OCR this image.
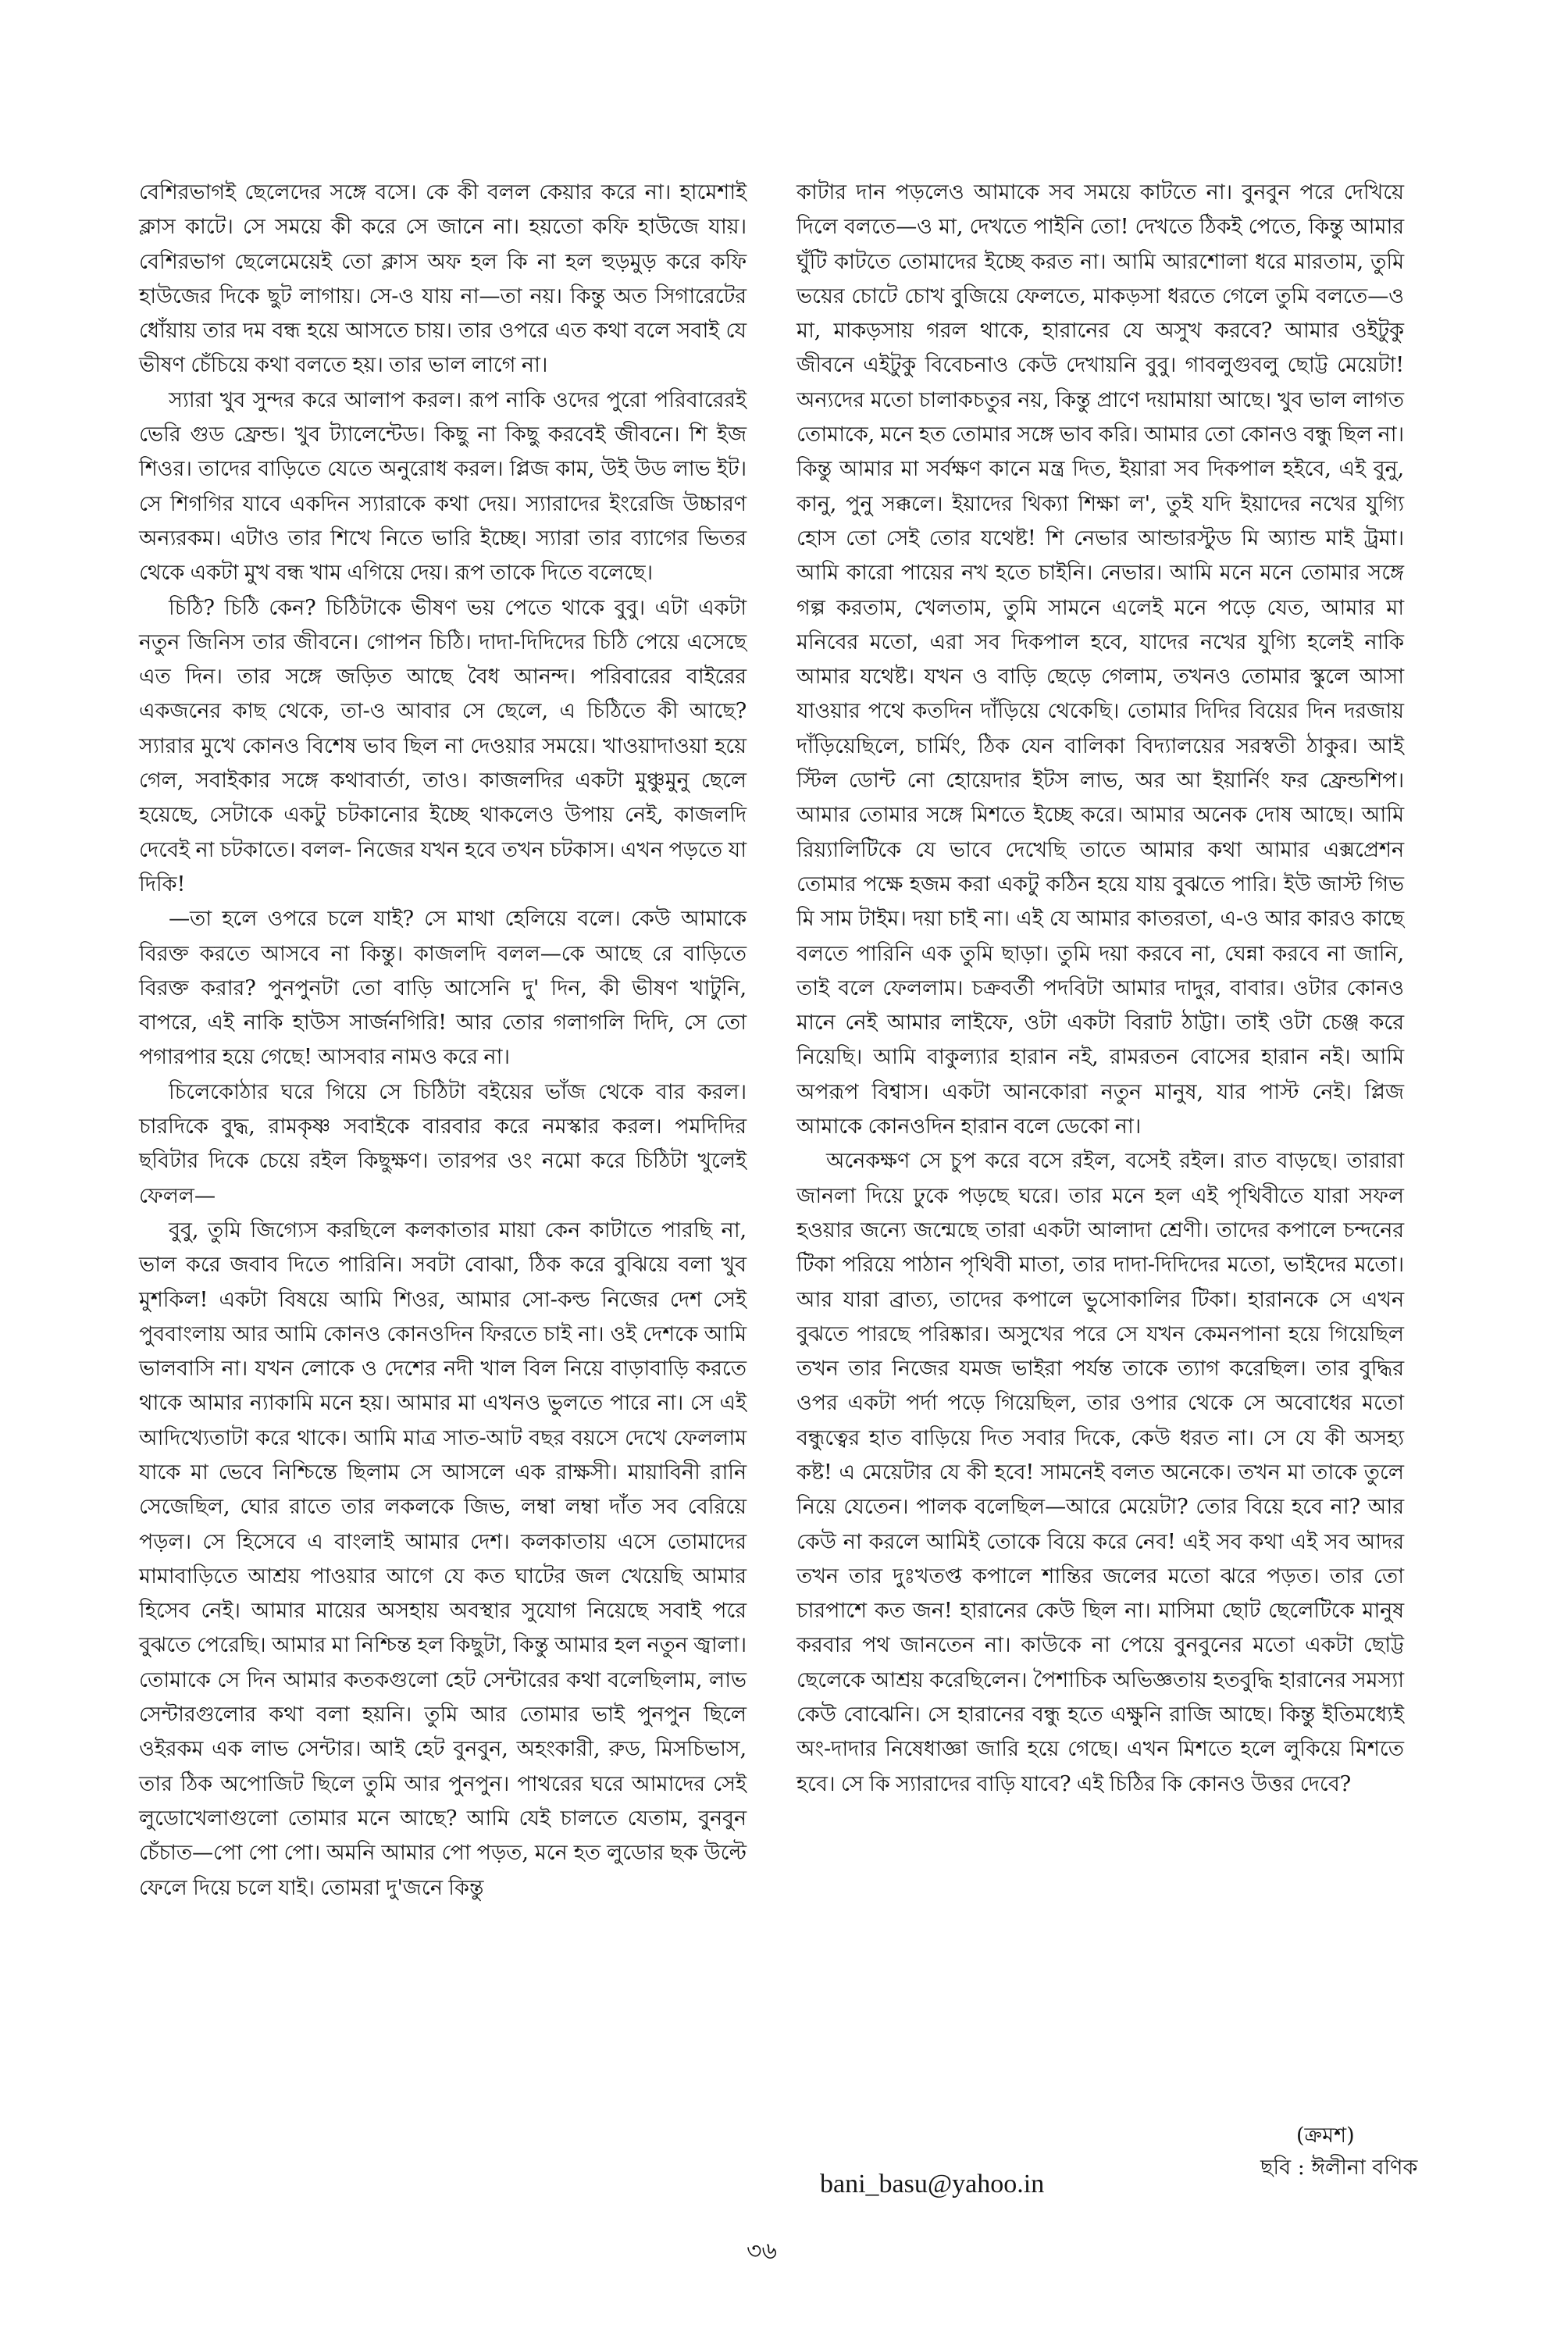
বেশিরভাগই ছেলেদের সঙ্গে বসে। কে কী বলল কেয়ার করে না। হামেশাই ক্লাস কাটে। সে সময়ে কী করে সে জানে না। হয়তো কফি হাউজে যায়। বেশিরভাগ ছেলেমেয়েই তো ক্লাস অফ হল কি না হল হুড়মুড় করে কফি হাউজের দিকে ছুট লাগায়। সে-ও যায় না—তা নয়। কিন্তু অত সিগারেটের ধোঁয়ায় তার দম বন্ধ হয়ে আসতে চায়। তার ওপরে এত কথা বলে সবাই যে ভীষণ চেঁচিয়ে কথা বলতে হয়। তার ভাল লাগে না।

স্যারা খুব সুন্দর করে আলাপ করল। রূপ নাকি ওদের পুরো পরিবারেরই ভেরি গুড ফ্রেন্ড। খুব ট্যালেন্টেড। কিছু না কিছু করবেই জীবনে। শি ইজ শিওর। তাদের বাড়িতে যেতে অনুরোধ করল। প্লিজ কাম, উই উড লাভ ইট। সে শিগগির যাবে একদিন স্যারাকে কথা দেয়। স্যারাদের ইংরেজি উচ্চারণ অন্যরকম। এটাও তার শিখে নিতে ভারি ইচ্ছে। স্যারা তার ব্যাগের ভিতর থেকে একটা মুখ বন্ধ খাম এগিয়ে দেয়। রূপ তাকে দিতে বলেছে।

চিঠি? চিঠি কেন? চিঠিটাকে ভীষণ ভয় পেতে থাকে বুবু। এটা একটা নতুন জিনিস তার জীবনে। গোপন চিঠি। দাদা-দিদিদের চিঠি পেয়ে এসেছে এত দিন। তার সঙ্গে জড়িত আছে বৈধ আনন্দ। পরিবারের বাইরের একজনের কাছ থেকে, তা-ও আবার সে ছেলে, এ চিঠিতে কী আছে? স্যারার মুখে কোনও বিশেষ ভাব ছিল না দেওয়ার সময়ে। খাওয়াদাওয়া হয়ে গেল, সবাইকার সঙ্গে কথাবার্তা, তাও। কাজলদির একটা মুঞ্চুমুনু ছেলে হয়েছে, সেটাকে একটু চটকানোর ইচ্ছে থাকলেও উপায় নেই, কাজলদি দেবেই না চটকাতে। বলল- নিজের যখন হবে তখন চটকাস। এখন পড়তে যা দিকি!

—তা হলে ওপরে চলে যাই? সে মাথা হেলিয়ে বলে। কেউ আমাকে বিরক্ত করতে আসবে না কিন্তু। কাজলদি বলল—কে আছে রে বাড়িতে বিরক্ত করার? পুনপুনটা তো বাড়ি আসেনি দু' দিন, কী ভীষণ খাটুনি, বাপরে, এই নাকি হাউস সার্জনগিরি! আর তোর গলাগলি দিদি, সে তো পগারপার হয়ে গেছে! আসবার নামও করে না।

চিলেকোঠার ঘরে গিয়ে সে চিঠিটা বইয়ের ভাঁজ থেকে বার করল। চারদিকে বুদ্ধ, রামকৃষ্ণ সবাইকে বারবার করে নমস্কার করল। পমদিদির ছবিটার দিকে চেয়ে রইল কিছুক্ষণ। তারপর ওং নমো করে চিঠিটা খুলেই ফেলল—

বুবু, তুমি জিগ্যেস করছিলে কলকাতার মায়া কেন কাটাতে পারছি না, ভাল করে জবাব দিতে পারিনি। সবটা বোঝা, ঠিক করে বুঝিয়ে বলা খুব মুশকিল! একটা বিষয়ে আমি শিওর, আমার সো-কল্ড নিজের দেশ সেই পুববাংলায় আর আমি কোনও কোনওদিন ফিরতে চাই না। ওই দেশকে আমি ভালবাসি না। যখন লোকে ও দেশের নদী খাল বিল নিয়ে বাড়াবাড়ি করতে থাকে আমার ন্যাকামি মনে হয়। আমার মা এখনও ভুলতে পারে না। সে এই আদিখ্যেতাটা করে থাকে। আমি মাত্র সাত-আট বছর বয়সে দেখে ফেললাম যাকে মা ভেবে নিশ্চিন্তে ছিলাম সে আসলে এক রাক্ষসী। মায়াবিনী রানি সেজেছিল, ঘোর রাতে তার লকলকে জিভ, লম্বা লম্বা দাঁত সব বেরিয়ে পড়ল। সে হিসেবে এ বাংলাই আমার দেশ। কলকাতায় এসে তোমাদের মামাবাড়িতে আশ্রয় পাওয়ার আগে যে কত ঘাটের জল খেয়েছি আমার হিসেব নেই। আমার মায়ের অসহায় অবস্থার সুযোগ নিয়েছে সবাই পরে বুঝতে পেরেছি। আমার মা নিশ্চিন্ত হল কিছুটা, কিন্তু আমার হল নতুন জ্বালা। তোমাকে সে দিন আমার কতকগুলো হেট সেন্টারের কথা বলেছিলাম, লাভ সেন্টারগুলোর কথা বলা হয়নি। তুমি আর তোমার ভাই পুনপুন ছিলে ওইরকম এক লাভ সেন্টার। আই হেট বুনবুন, অহংকারী, রুড, মিসচিভাস, তার ঠিক অপোজিট ছিলে তুমি আর পুনপুন। পাথরের ঘরে আমাদের সেই লুডোখেলাগুলো তোমার মনে আছে? আমি যেই চালতে যেতাম, বুনবুন চেঁচাত—পো পো পো। অমনি আমার পো পড়ত, মনে হত লুডোর ছক উল্টে ফেলে দিয়ে চলে যাই। তোমরা দু'জনে কিন্তু

কাটার দান পড়লেও আমাকে সব সময়ে কাটতে না। বুনবুন পরে দেখিয়ে দিলে বলতে—ও মা, দেখতে পাইনি তো! দেখতে ঠিকই পেতে, কিন্তু আমার ঘুঁটি কাটতে তোমাদের ইচ্ছে করত না। আমি আরশোলা ধরে মারতাম, তুমি ভয়ের চোটে চোখ বুজিয়ে ফেলতে, মাকড়সা ধরতে গেলে তুমি বলতে—ও মা, মাকড়সায় গরল থাকে, হারানের যে অসুখ করবে? আমার ওইটুকু জীবনে এইটুকু বিবেচনাও কেউ দেখায়নি বুবু। গাবলুগুবলু ছোট্ট মেয়েটা! অন্যদের মতো চালাকচতুর নয়, কিন্তু প্রাণে দয়ামায়া আছে। খুব ভাল লাগত তোমাকে, মনে হত তোমার সঙ্গে ভাব করি। আমার তো কোনও বন্ধু ছিল না। কিন্তু আমার মা সর্বক্ষণ কানে মন্ত্র দিত, ইয়ারা সব দিকপাল হইবে, এই বুনু, কানু, পুনু সক্কলে। ইয়াদের থিক্যা শিক্ষা ল', তুই যদি ইয়াদের নখের যুগ্যি হোস তো সেই তোর যথেষ্ট! শি নেভার আন্ডারস্টুড মি অ্যান্ড মাই ট্রমা। আমি কারো পায়ের নখ হতে চাইনি। নেভার। আমি মনে মনে তোমার সঙ্গে গল্প করতাম, খেলতাম, তুমি সামনে এলেই মনে পড়ে যেত, আমার মা মনিবের মতো, এরা সব দিকপাল হবে, যাদের নখের যুগ্যি হলেই নাকি আমার যথেষ্ট। যখন ও বাড়ি ছেড়ে গেলাম, তখনও তোমার স্কুলে আসা যাওয়ার পথে কতদিন দাঁড়িয়ে থেকেছি। তোমার দিদির বিয়ের দিন দরজায় দাঁড়িয়েছিলে, চার্মিং, ঠিক যেন বালিকা বিদ্যালয়ের সরস্বতী ঠাকুর। আই স্টিল ডোন্ট নো হোয়েদার ইটস লাভ, অর আ ইয়ার্নিং ফর ফ্রেন্ডশিপ। আমার তোমার সঙ্গে মিশতে ইচ্ছে করে। আমার অনেক দোষ আছে। আমি রিয়্যালিটিকে যে ভাবে দেখেছি তাতে আমার কথা আমার এক্সপ্রেশন তোমার পক্ষে হজম করা একটু কঠিন হয়ে যায় বুঝতে পারি। ইউ জাস্ট গিভ মি সাম টাইম। দয়া চাই না। এই যে আমার কাতরতা, এ-ও আর কারও কাছে বলতে পারিনি এক তুমি ছাড়া। তুমি দয়া করবে না, ঘেন্না করবে না জানি, তাই বলে ফেললাম। চক্রবর্তী পদবিটা আমার দাদুর, বাবার। ওটার কোনও মানে নেই আমার লাইফে, ওটা একটা বিরাট ঠাট্টা। তাই ওটা চেঞ্জ করে নিয়েছি। আমি বাকুল্যার হারান নই, রামরতন বোসের হারান নই। আমি অপরূপ বিশ্বাস। একটা আনকোরা নতুন মানুষ, যার পাস্ট নেই। প্লিজ আমাকে কোনওদিন হারান বলে ডেকো না।

অনেকক্ষণ সে চুপ করে বসে রইল, বসেই রইল। রাত বাড়ছে। তারারা জানলা দিয়ে ঢুকে পড়ছে ঘরে। তার মনে হল এই পৃথিবীতে যারা সফল হওয়ার জন্যে জন্মেছে তারা একটা আলাদা শ্রেণী। তাদের কপালে চন্দনের টিকা পরিয়ে পাঠান পৃথিবী মাতা, তার দাদা-দিদিদের মতো, ভাইদের মতো। আর যারা ব্রাত্য, তাদের কপালে ভুসোকালির টিকা। হারানকে সে এখন বুঝতে পারছে পরিষ্কার। অসুখের পরে সে যখন কেমনপানা হয়ে গিয়েছিল তখন তার নিজের যমজ ভাইরা পর্যন্ত তাকে ত্যাগ করেছিল। তার বুদ্ধির ওপর একটা পর্দা পড়ে গিয়েছিল, তার ওপার থেকে সে অবোধের মতো বন্ধুত্বের হাত বাড়িয়ে দিত সবার দিকে, কেউ ধরত না। সে যে কী অসহ্য কষ্ট! এ মেয়েটার যে কী হবে! সামনেই বলত অনেকে। তখন মা তাকে তুলে নিয়ে যেতেন। পালক বলেছিল—আরে মেয়েটা? তোর বিয়ে হবে না? আর কেউ না করলে আমিই তোকে বিয়ে করে নেব! এই সব কথা এই সব আদর তখন তার দুঃখতপ্ত কপালে শান্তির জলের মতো ঝরে পড়ত। তার তো চারপাশে কত জন! হারানের কেউ ছিল না। মাসিমা ছোট ছেলেটিকে মানুষ করবার পথ জানতেন না। কাউকে না পেয়ে বুনবুনের মতো একটা ছোট্ট ছেলেকে আশ্রয় করেছিলেন। পৈশাচিক অভিজ্ঞতায় হতবুদ্ধি হারানের সমস্যা কেউ বোঝেনি। সে হারানের বন্ধু হতে এক্ষুনি রাজি আছে। কিন্তু ইতিমধ্যেই অং-দাদার নিষেধাজ্ঞা জারি হয়ে গেছে। এখন মিশতে হলে লুকিয়ে মিশতে হবে। সে কি স্যারাদের বাড়ি যাবে? এই চিঠির কি কোনও উত্তর দেবে?

(ক্রমশ)
ছবি : ঈলীনা বণিক
bani_basu@yahoo.in
৩৬
